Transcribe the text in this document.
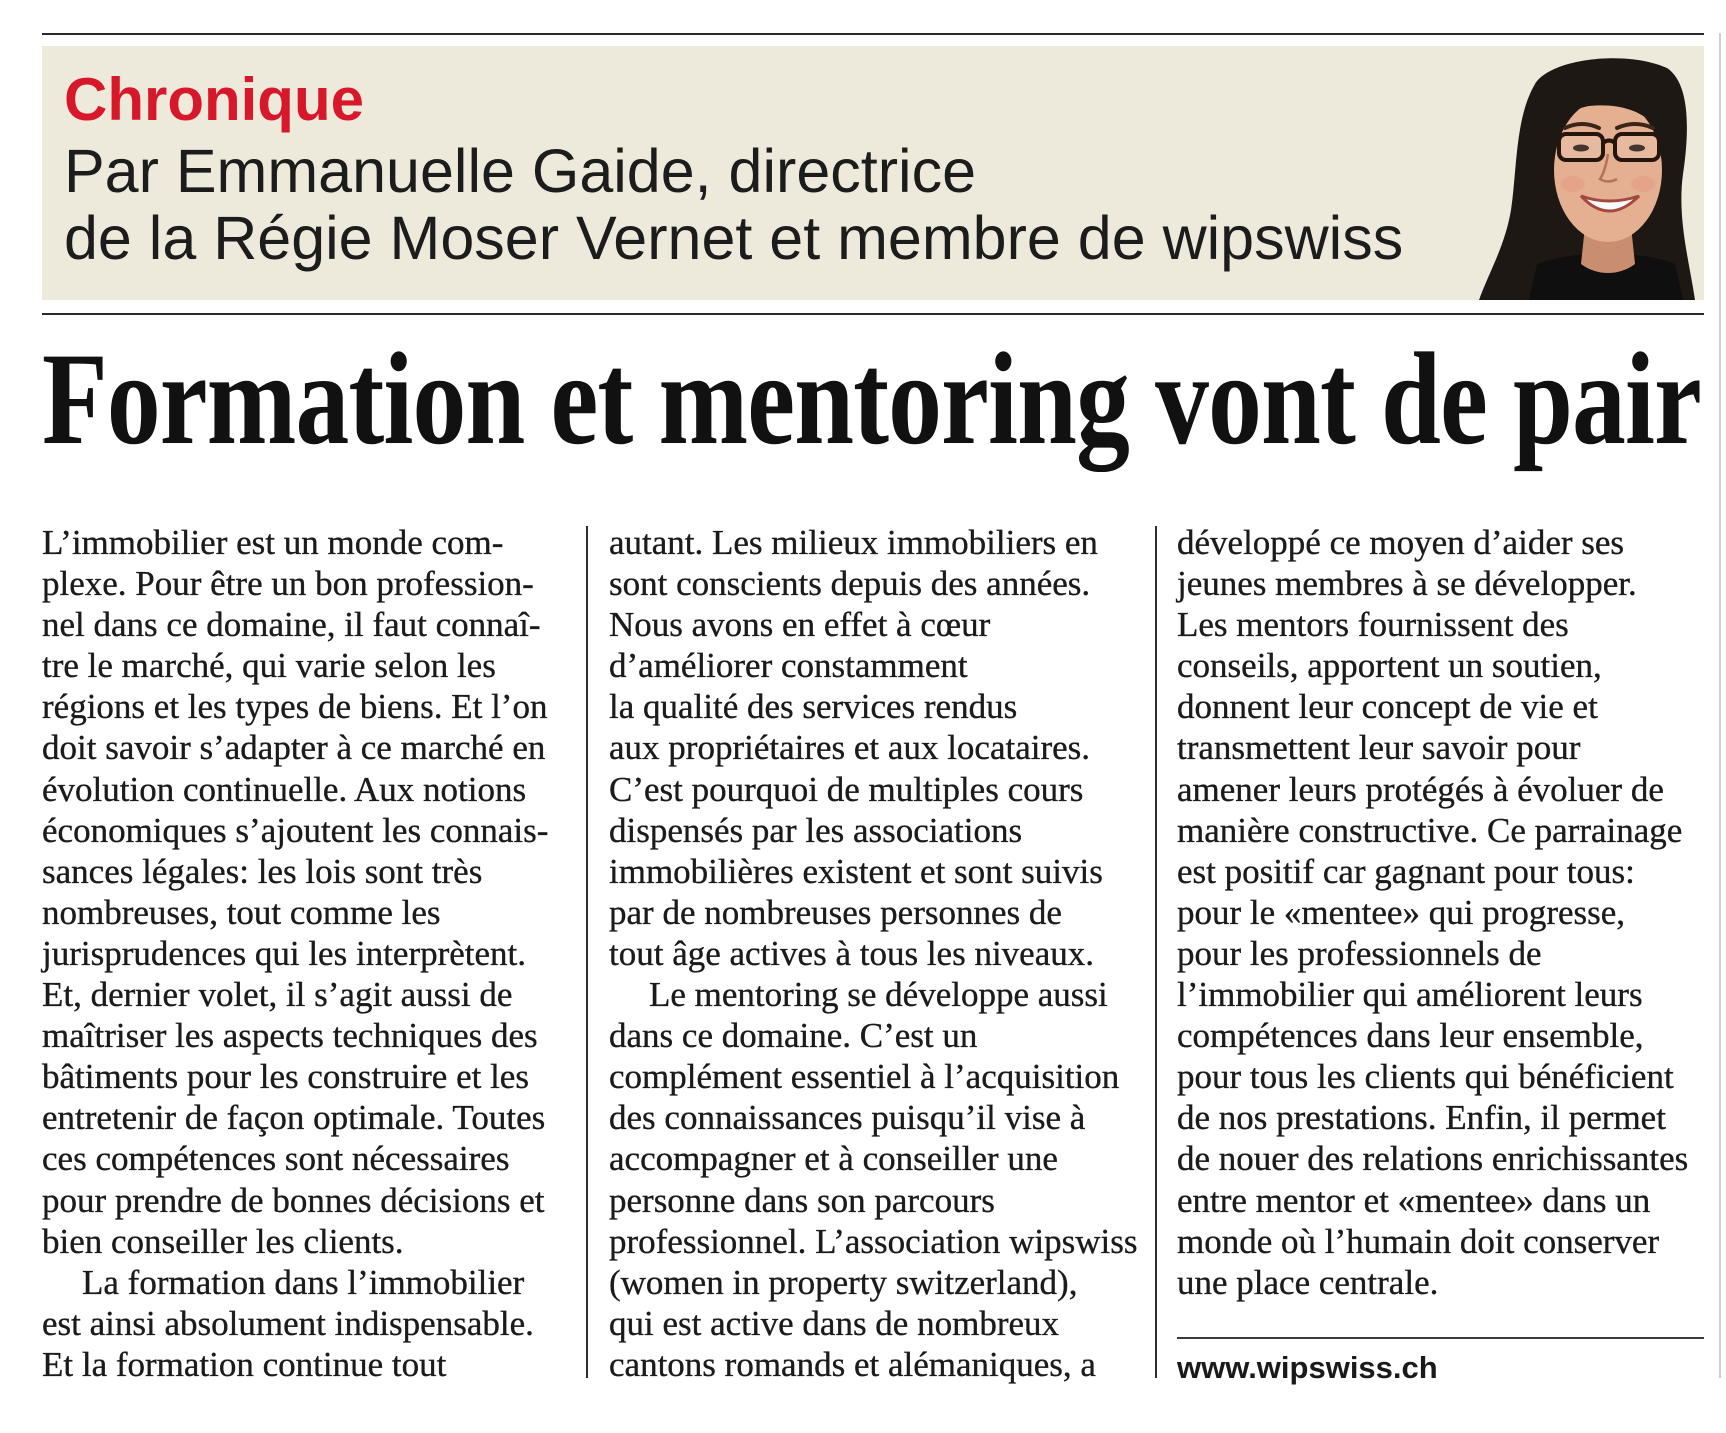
Chronique
Par Emmanuelle Gaide, directrice
de la Régie Moser Vernet et membre de wipswiss
Formation et mentoring vont de pair
L’immobilier est un monde com-
plexe. Pour être un bon profession-
nel dans ce domaine, il faut connaî-
tre le marché, qui varie selon les
régions et les types de biens. Et l’on
doit savoir s’adapter à ce marché en
évolution continuelle. Aux notions
économiques s’ajoutent les connais-
sances légales: les lois sont très
nombreuses, tout comme les
jurisprudences qui les interprètent.
Et, dernier volet, il s’agit aussi de
maîtriser les aspects techniques des
bâtiments pour les construire et les
entretenir de façon optimale. Toutes
ces compétences sont nécessaires
pour prendre de bonnes décisions et
bien conseiller les clients.
La formation dans l’immobilier
est ainsi absolument indispensable.
Et la formation continue tout
autant. Les milieux immobiliers en
sont conscients depuis des années.
Nous avons en effet à cœur
d’améliorer constamment
la qualité des services rendus
aux propriétaires et aux locataires.
C’est pourquoi de multiples cours
dispensés par les associations
immobilières existent et sont suivis
par de nombreuses personnes de
tout âge actives à tous les niveaux.
Le mentoring se développe aussi
dans ce domaine. C’est un
complément essentiel à l’acquisition
des connaissances puisqu’il vise à
accompagner et à conseiller une
personne dans son parcours
professionnel. L’association wipswiss
(women in property switzerland),
qui est active dans de nombreux
cantons romands et alémaniques, a
développé ce moyen d’aider ses
jeunes membres à se développer.
Les mentors fournissent des
conseils, apportent un soutien,
donnent leur concept de vie et
transmettent leur savoir pour
amener leurs protégés à évoluer de
manière constructive. Ce parrainage
est positif car gagnant pour tous:
pour le «mentee» qui progresse,
pour les professionnels de
l’immobilier qui améliorent leurs
compétences dans leur ensemble,
pour tous les clients qui bénéficient
de nos prestations. Enfin, il permet
de nouer des relations enrichissantes
entre mentor et «mentee» dans un
monde où l’humain doit conserver
une place centrale.
www.wipswiss.ch
